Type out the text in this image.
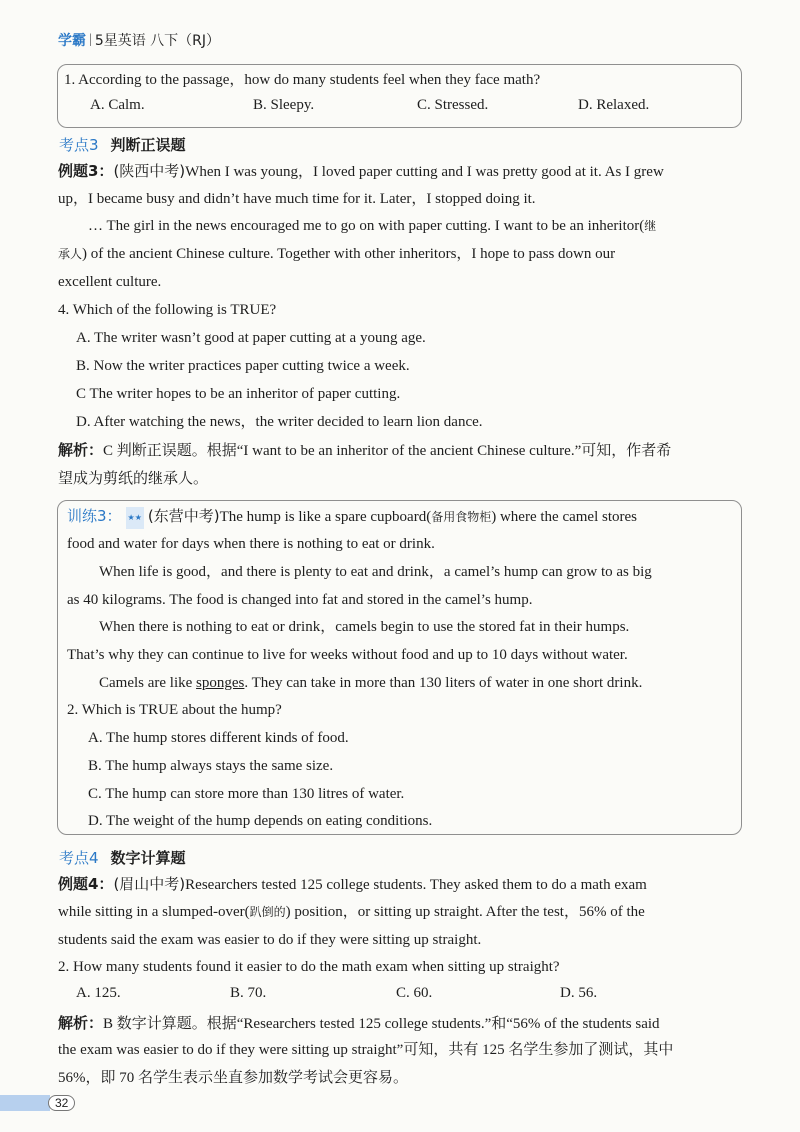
学霸 | 5星英语 八下（RJ）
1. According to the passage，how do many students feel when they face math?
A. Calm.	B. Sleepy.	C. Stressed.	D. Relaxed.
考点3 判断正误题
例题3：(陕西中考)When I was young，I loved paper cutting and I was pretty good at it. As I grew
up，I became busy and didn’t have much time for it. Later，I stopped doing it.
… The girl in the news encouraged me to go on with paper cutting. I want to be an inheritor(继
承人) of the ancient Chinese culture. Together with other inheritors，I hope to pass down our
excellent culture.
4. Which of the following is TRUE?
A. The writer wasn’t good at paper cutting at a young age.
B. Now the writer practices paper cutting twice a week.
C The writer hopes to be an inheritor of paper cutting.
D. After watching the news，the writer decided to learn lion dance.
解析：C 判断正误题。根据“I want to be an inheritor of the ancient Chinese culture.”可知，作者希
望成为剪纸的继承人。
训练3： ★★ (东营中考)The hump is like a spare cupboard(备用食物柜) where the camel stores
food and water for days when there is nothing to eat or drink.
When life is good，and there is plenty to eat and drink，a camel’s hump can grow to as big
as 40 kilograms. The food is changed into fat and stored in the camel’s hump.
When there is nothing to eat or drink，camels begin to use the stored fat in their humps.
That’s why they can continue to live for weeks without food and up to 10 days without water.
Camels are like sponges. They can take in more than 130 liters of water in one short drink.
2. Which is TRUE about the hump?
A. The hump stores different kinds of food.
B. The hump always stays the same size.
C. The hump can store more than 130 litres of water.
D. The weight of the hump depends on eating conditions.
考点4 数字计算题
例题4：(眉山中考)Researchers tested 125 college students. They asked them to do a math exam
while sitting in a slumped-over(趴倒的) position，or sitting up straight. After the test，56% of the
students said the exam was easier to do if they were sitting up straight.
2. How many students found it easier to do the math exam when sitting up straight?
A. 125.	B. 70.	C. 60.	D. 56.
解析：B 数字计算题。根据“Researchers tested 125 college students.”和“56% of the students said
the exam was easier to do if they were sitting up straight”可知，共有 125 名学生参加了测试，其中
56%，即 70 名学生表示坐直参加数学考试会更容易。
32
